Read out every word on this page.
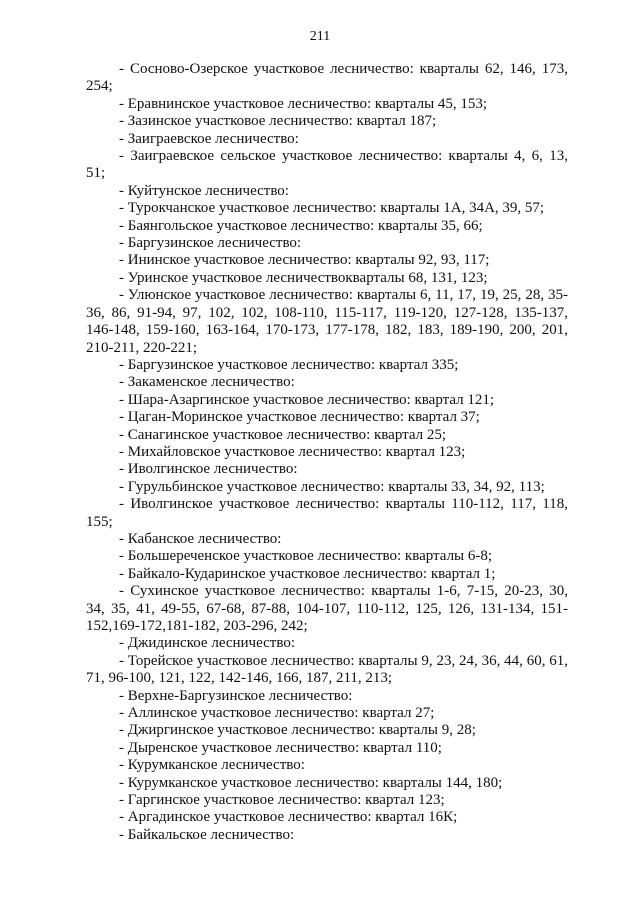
211

- Сосново-Озерское участковое лесничество: кварталы 62, 146, 173, 254;

- Еравнинское участковое лесничество: кварталы 45, 153;

- Зазинское участковое лесничество: квартал 187;

- Заиграевское лесничество:

- Заиграевское сельское участковое лесничество: кварталы 4, 6, 13, 51;

- Куйтунское лесничество:

- Турокчанское участковое лесничество: кварталы 1А, 34А, 39, 57;

- Баянгольское участковое лесничество: кварталы 35, 66;

- Баргузинское лесничество:

- Ининское участковое лесничество: кварталы 92, 93, 117;

- Уринское участковое лесничествокварталы 68, 131, 123;

- Улюнское участковое лесничество: кварталы 6, 11, 17, 19, 25, 28, 35-36, 86, 91-94, 97, 102, 102, 108-110, 115-117, 119-120, 127-128, 135-137, 146-148, 159-160, 163-164, 170-173, 177-178, 182, 183, 189-190, 200, 201, 210-211, 220-221;

- Баргузинское участковое лесничество: квартал 335;

- Закаменское лесничество:

- Шара-Азаргинское участковое лесничество: квартал 121;

- Цаган-Моринское участковое лесничество: квартал 37;

- Санагинское участковое лесничество: квартал 25;

- Михайловское участковое лесничество: квартал 123;

- Иволгинское лесничество:

- Гурульбинское участковое лесничество: кварталы 33, 34, 92, 113;

- Иволгинское участковое лесничество: кварталы 110-112, 117, 118, 155;

- Кабанское лесничество:

- Большереченское участковое лесничество: кварталы 6-8;

- Байкало-Кударинское участковое лесничество: квартал 1;

- Сухинское участковое лесничество: кварталы 1-6, 7-15, 20-23, 30, 34, 35, 41, 49-55, 67-68, 87-88, 104-107, 110-112, 125, 126, 131-134, 151-152,169-172,181-182, 203-296, 242;

- Джидинское лесничество:

- Торейское участковое лесничество: кварталы 9, 23, 24, 36, 44, 60, 61, 71, 96-100, 121, 122, 142-146, 166, 187, 211, 213;

- Верхне-Баргузинское лесничество:

- Аллинское участковое лесничество: квартал 27;

- Джиргинское участковое лесничество: кварталы 9, 28;

- Дыренское участковое лесничество: квартал 110;

- Курумканское лесничество:

- Курумканское участковое лесничество: кварталы 144, 180;

- Гаргинское участковое лесничество: квартал 123;

- Аргадинское участковое лесничество: квартал 16К;

- Байкальское лесничество:
